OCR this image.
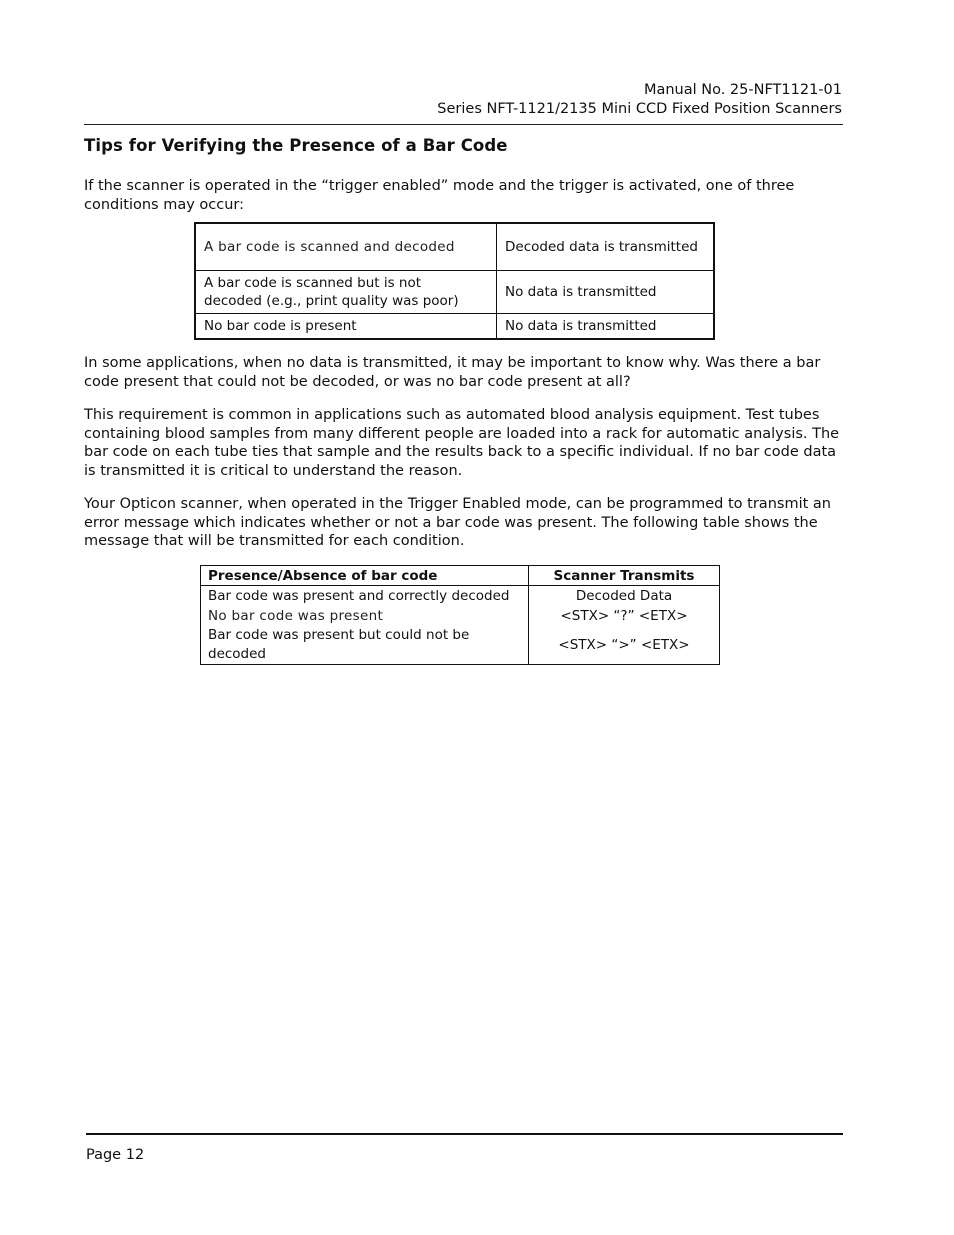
Manual No. 25-NFT1121-01
Series NFT-1121/2135 Mini CCD Fixed Position Scanners
Tips for Verifying the Presence of a Bar Code

If the scanner is operated in the “trigger enabled” mode and the trigger is activated, one of three conditions may occur:

A bar code is scanned and decoded	Decoded data is transmitted

A bar code is scanned but is not
decoded (e.g., print quality was poor)	No data is transmitted
No bar code is present	No data is transmitted

In some applications, when no data is transmitted, it may be important to know why. Was there a bar code present that could not be decoded, or was no bar code present at all?

This requirement is common in applications such as automated blood analysis equipment. Test tubes containing blood samples from many different people are loaded into a rack for automatic analysis. The bar code on each tube ties that sample and the results back to a specific individual. If no bar code data is transmitted it is critical to understand the reason.

Your Opticon scanner, when operated in the Trigger Enabled mode, can be programmed to transmit an error message which indicates whether or not a bar code was present. The following table shows the message that will be transmitted for each condition.

Presence/Absence of bar code	Scanner Transmits
Bar code was present and correctly decoded	Decoded Data
No bar code was present	<STX> “?” <ETX>
Bar code was present but could not be decoded	<STX> “>” <ETX>
Page 12
